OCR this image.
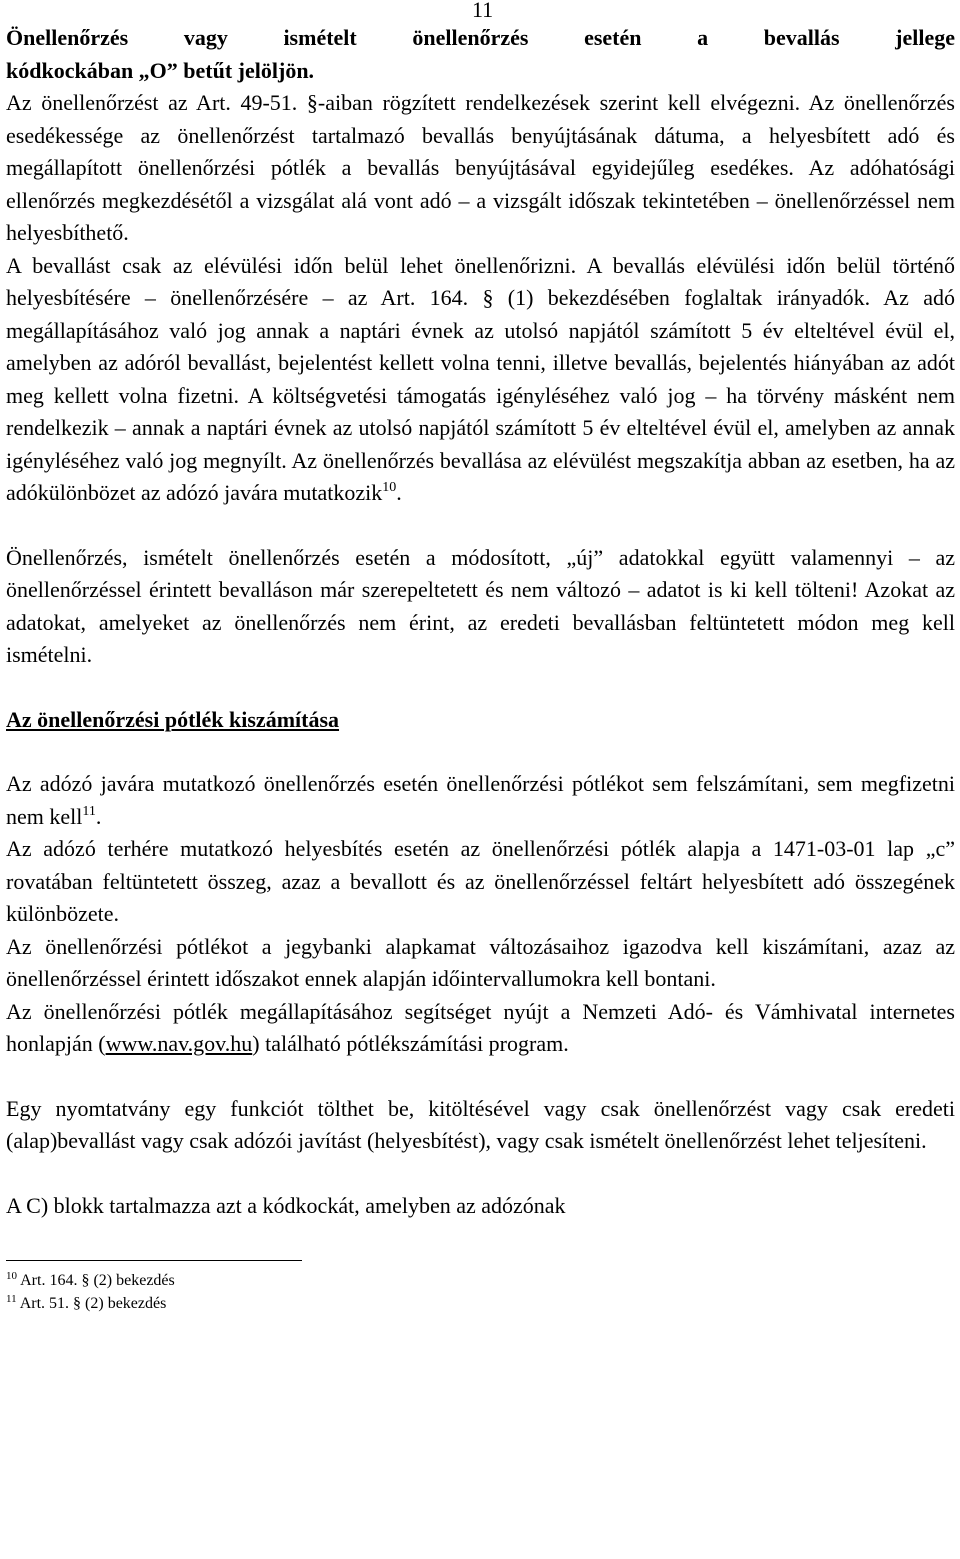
11

Önellenőrzés vagy ismételt önellenőrzés esetén a bevallás jellege

kódkockában „O” betűt jelöljön.

Az önellenőrzést az Art. 49-51. §-aiban rögzített rendelkezések szerint kell elvégezni. Az önellenőrzés esedékessége az önellenőrzést tartalmazó bevallás benyújtásának dátuma, a helyesbített adó és megállapított önellenőrzési pótlék a bevallás benyújtásával egyidejűleg esedékes. Az adóhatósági ellenőrzés megkezdésétől a vizsgálat alá vont adó – a vizsgált időszak tekintetében – önellenőrzéssel nem helyesbíthető.

A bevallást csak az elévülési időn belül lehet önellenőrizni. A bevallás elévülési időn belül történő helyesbítésére – önellenőrzésére – az Art. 164. § (1) bekezdésében foglaltak irányadók. Az adó megállapításához való jog annak a naptári évnek az utolsó napjától számított 5 év elteltével évül el, amelyben az adóról bevallást, bejelentést kellett volna tenni, illetve bevallás, bejelentés hiányában az adót meg kellett volna fizetni. A költségvetési támogatás igényléséhez való jog – ha törvény másként nem rendelkezik – annak a naptári évnek az utolsó napjától számított 5 év elteltével évül el, amelyben az annak igényléséhez való jog megnyílt. Az önellenőrzés bevallása az elévülést megszakítja abban az esetben, ha az adókülönbözet az adózó javára mutatkozik$^{10}$.

Önellenőrzés, ismételt önellenőrzés esetén a módosított, „új” adatokkal együtt valamennyi – az önellenőrzéssel érintett bevalláson már szerepeltetett és nem változó – adatot is ki kell tölteni! Azokat az adatokat, amelyeket az önellenőrzés nem érint, az eredeti bevallásban feltüntetett módon meg kell ismételni.

Az önellenőrzési pótlék kiszámítása

Az adózó javára mutatkozó önellenőrzés esetén önellenőrzési pótlékot sem felszámítani, sem megfizetni nem kell$^{11}$.

Az adózó terhére mutatkozó helyesbítés esetén az önellenőrzési pótlék alapja a 1471-03-01 lap „c” rovatában feltüntetett összeg, azaz a bevallott és az önellenőrzéssel feltárt helyesbített adó összegének különbözete.

Az önellenőrzési pótlékot a jegybanki alapkamat változásaihoz igazodva kell kiszámítani, azaz az önellenőrzéssel érintett időszakot ennek alapján időintervallumokra kell bontani.

Az önellenőrzési pótlék megállapításához segítséget nyújt a Nemzeti Adó- és Vámhivatal internetes honlapján (www.nav.gov.hu) található pótlékszámítási program.

Egy nyomtatvány egy funkciót tölthet be, kitöltésével vagy csak önellenőrzést vagy csak eredeti (alap)bevallást vagy csak adózói javítást (helyesbítést), vagy csak ismételt önellenőrzést lehet teljesíteni.

A C) blokk tartalmazza azt a kódkockát, amelyben az adózónak

$^{10}$ Art. 164. § (2) bekezdés

$^{11}$ Art. 51. § (2) bekezdés
